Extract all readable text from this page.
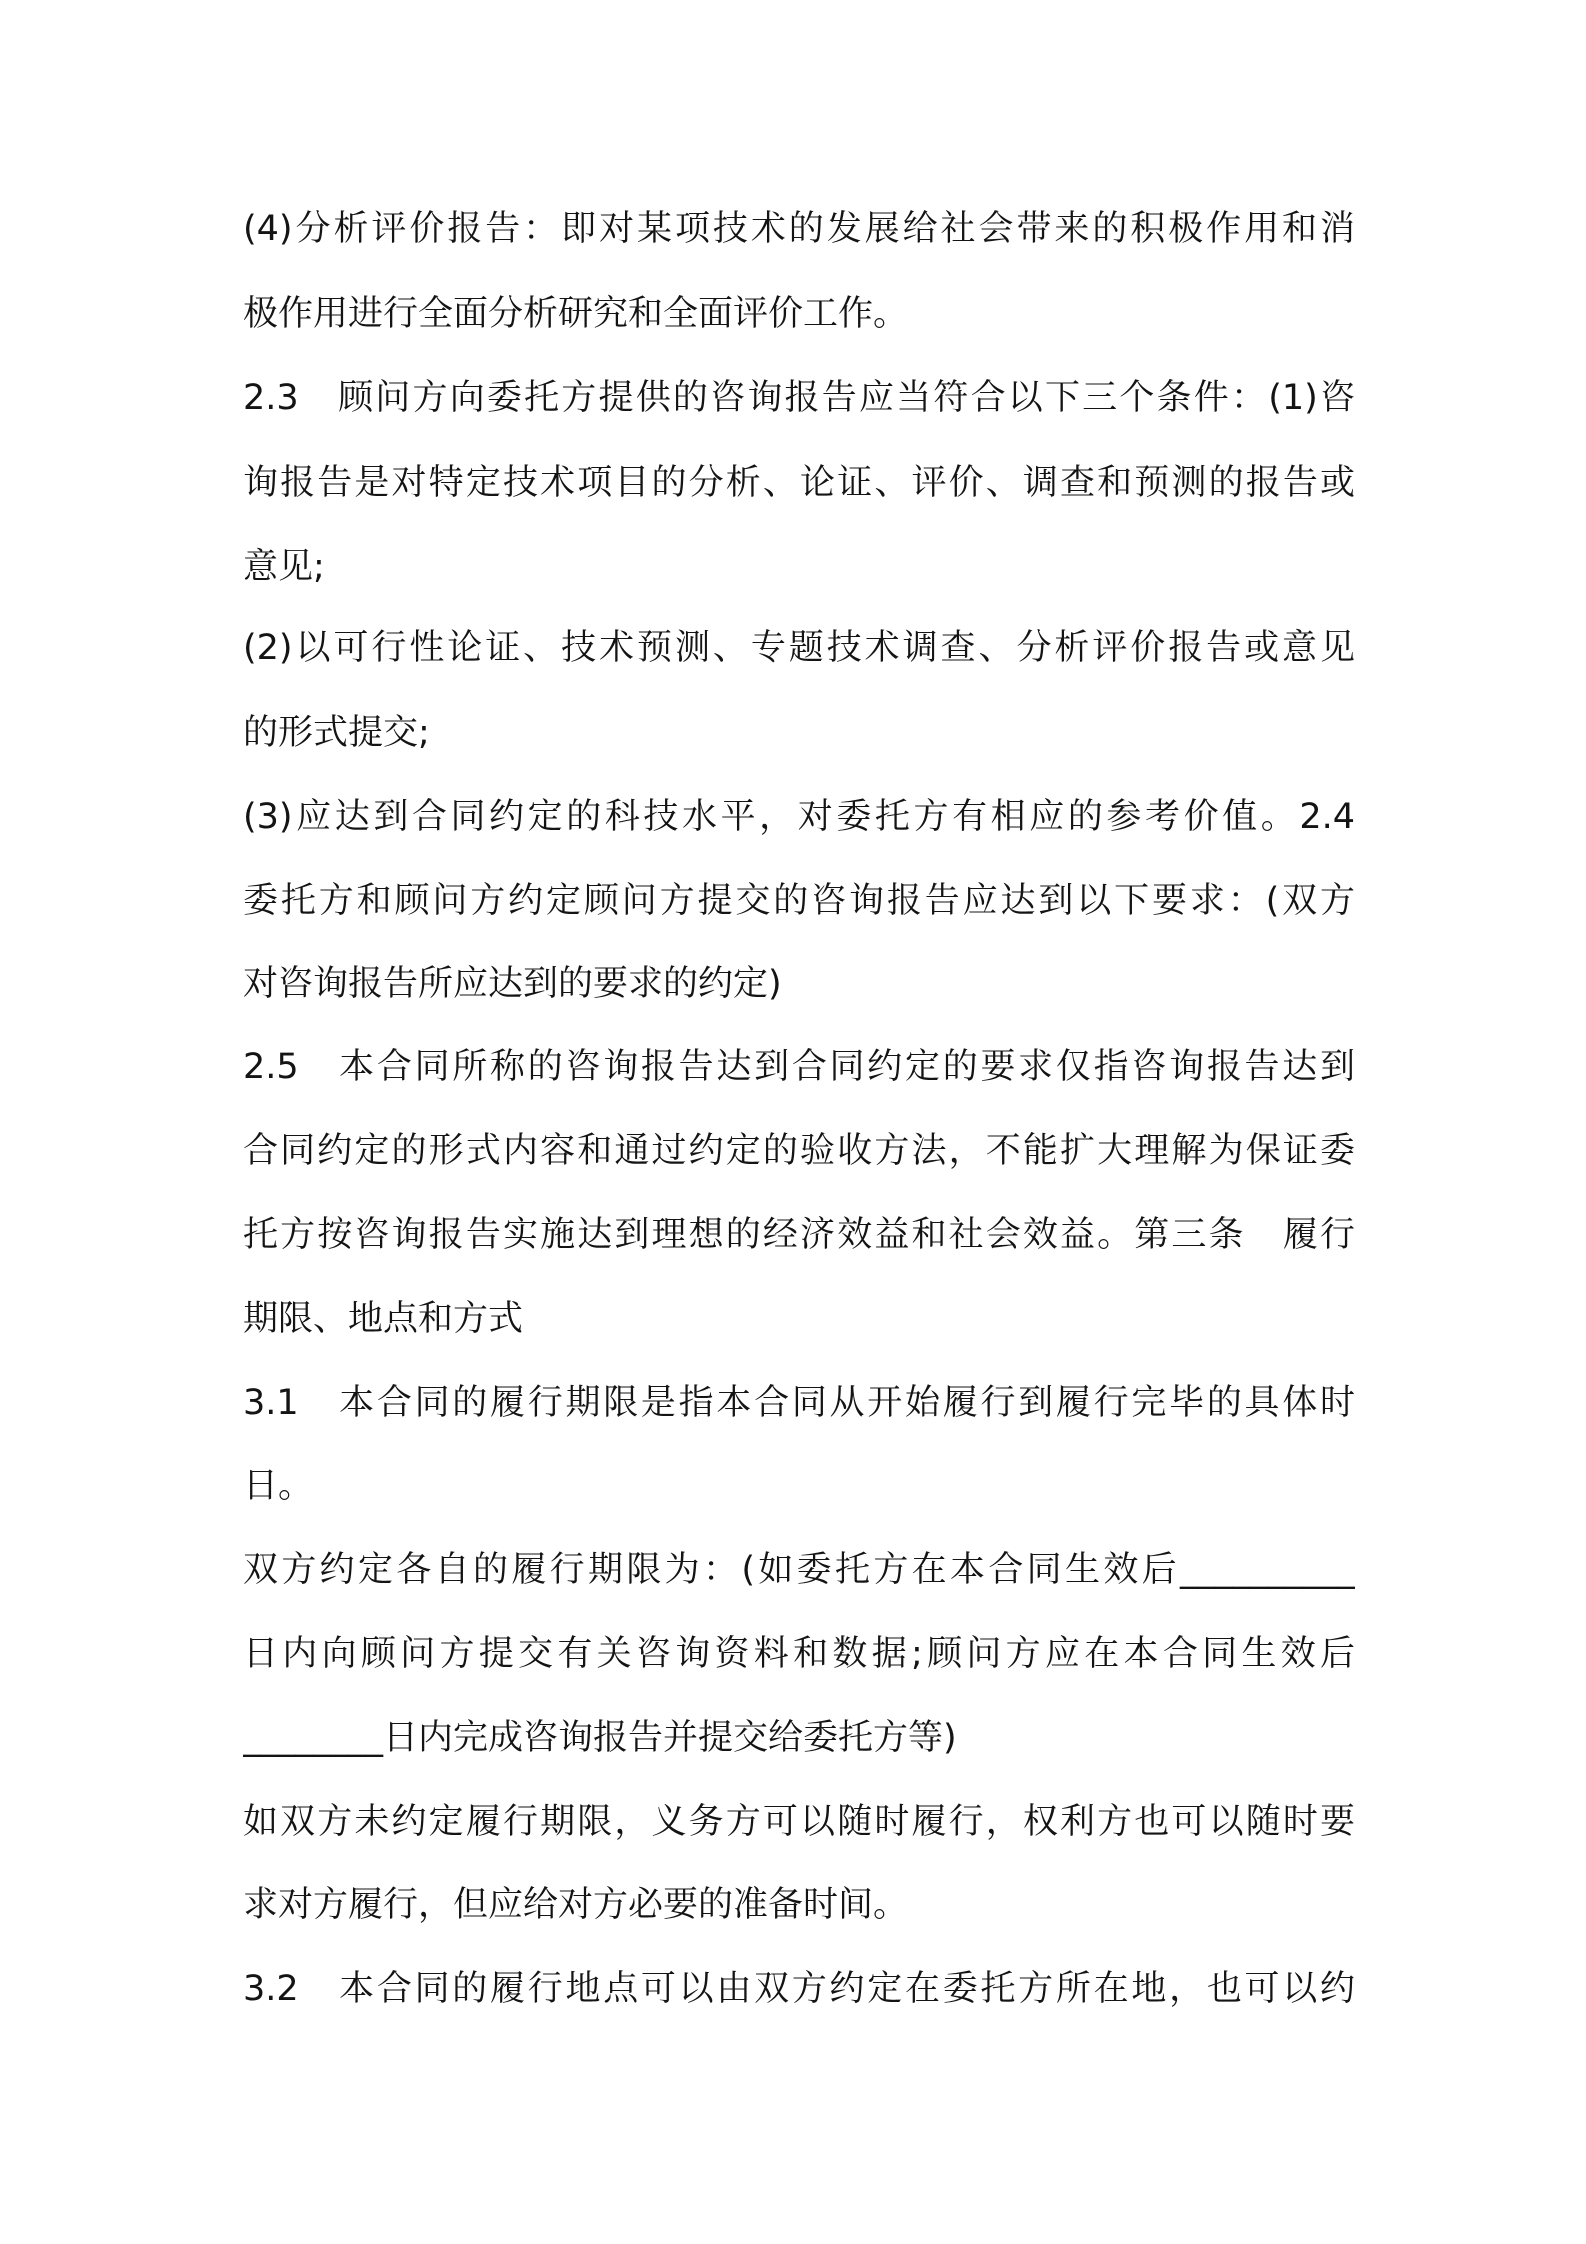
(4)分析评价报告：即对某项技术的发展给社会带来的积极作用和消
极作用进行全面分析研究和全面评价工作。
2.3　顾问方向委托方提供的咨询报告应当符合以下三个条件：(1)咨
询报告是对特定技术项目的分析、论证、评价、调查和预测的报告或
意见;
(2)以可行性论证、技术预测、专题技术调查、分析评价报告或意见
的形式提交;
(3)应达到合同约定的科技水平，对委托方有相应的参考价值。2.4
委托方和顾问方约定顾问方提交的咨询报告应达到以下要求：(双方
对咨询报告所应达到的要求的约定)
2.5　本合同所称的咨询报告达到合同约定的要求仅指咨询报告达到
合同约定的形式内容和通过约定的验收方法，不能扩大理解为保证委
托方按咨询报告实施达到理想的经济效益和社会效益。第三条　履行
期限、地点和方式
3.1　本合同的履行期限是指本合同从开始履行到履行完毕的具体时
日。
双方约定各自的履行期限为：(如委托方在本合同生效后__________
日内向顾问方提交有关咨询资料和数据;顾问方应在本合同生效后
________日内完成咨询报告并提交给委托方等)
如双方未约定履行期限，义务方可以随时履行，权利方也可以随时要
求对方履行，但应给对方必要的准备时间。
3.2　本合同的履行地点可以由双方约定在委托方所在地，也可以约
